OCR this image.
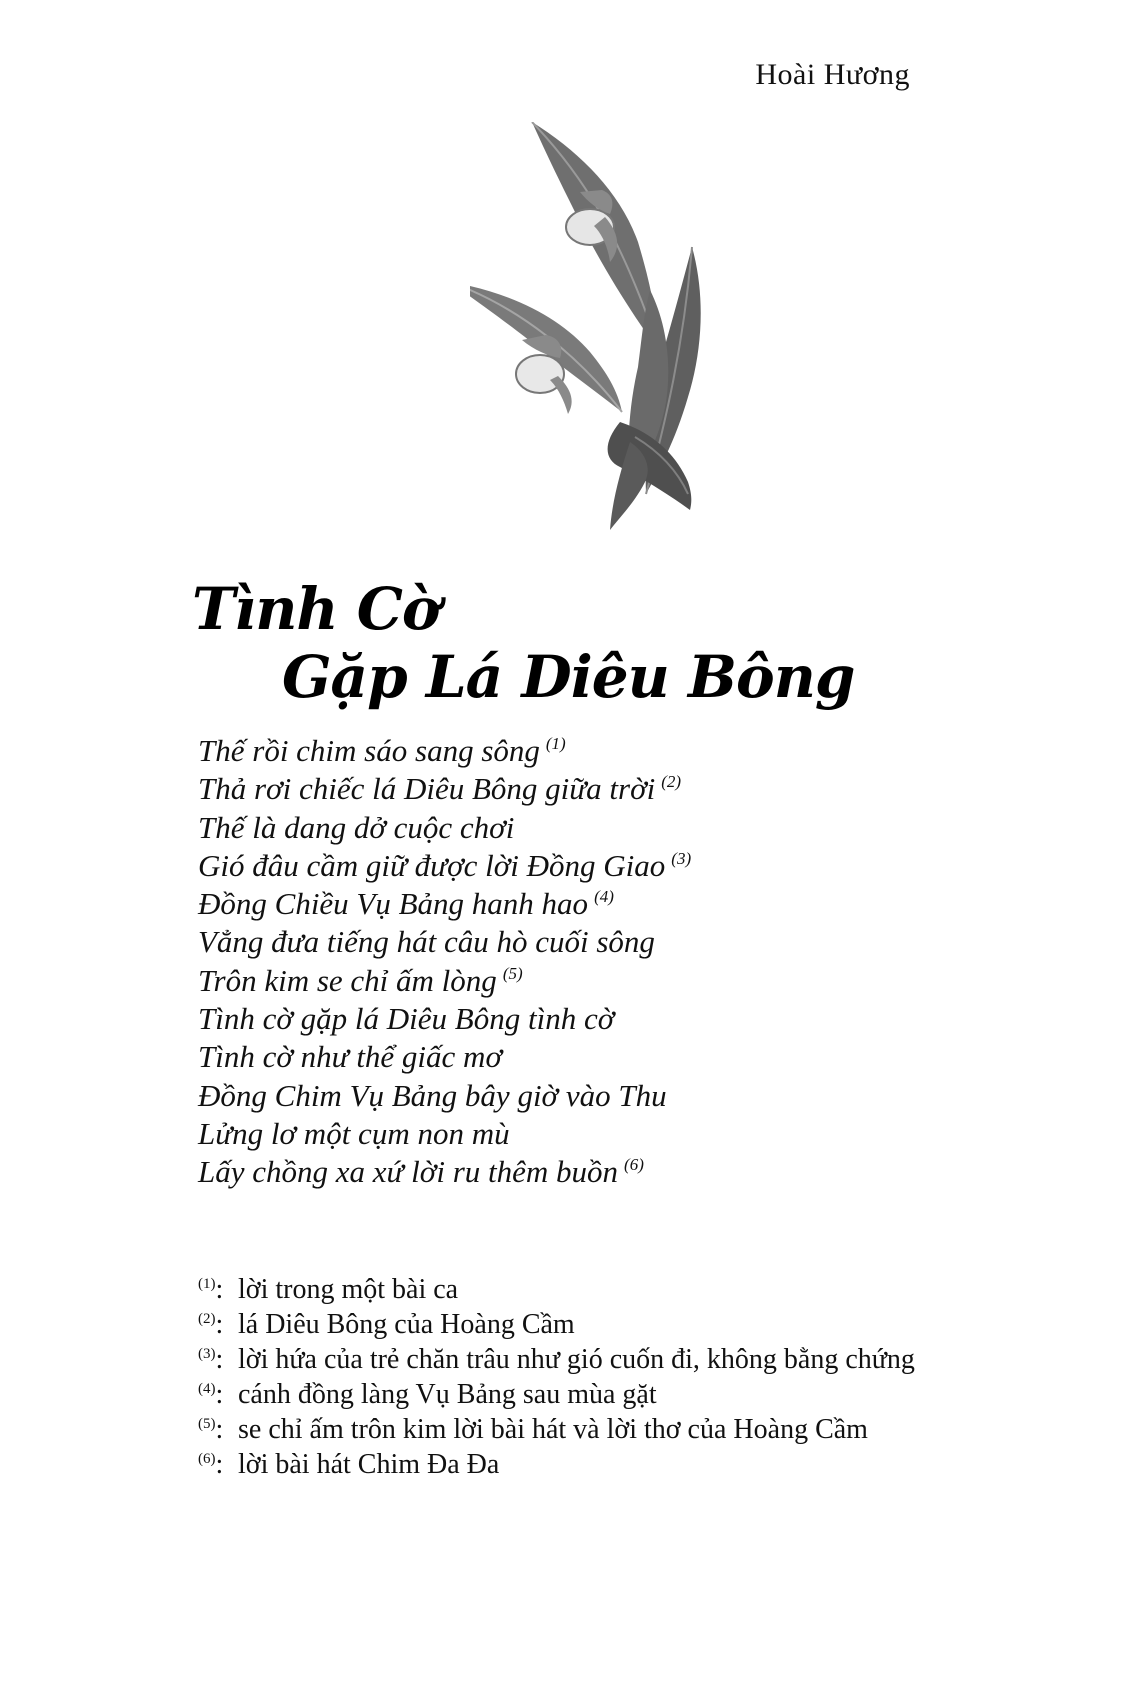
Hoài Hương
Tình Cờ
Gặp Lá Diêu Bông
Thế rồi chim sáo sang sông $^{(1)}$
Thả rơi chiếc lá Diêu Bông giữa trời $^{(2)}$
Thế là dang dở cuộc chơi
Gió đâu cầm giữ được lời Đồng Giao $^{(3)}$
Đồng Chiều Vụ Bảng hanh hao $^{(4)}$
Vẳng đưa tiếng hát câu hò cuối sông
Trôn kim se chỉ ấm lòng $^{(5)}$
Tình cờ gặp lá Diêu Bông tình cờ
Tình cờ như thể giấc mơ
Đồng Chim Vụ Bảng bây giờ vào Thu
Lửng lơ một cụm non mù
Lấy chồng xa xứ lời ru thêm buồn $^{(6)}$
$^{(1)}$: lời trong một bài ca
$^{(2)}$: lá Diêu Bông của Hoàng Cầm
$^{(3)}$: lời hứa của trẻ chăn trâu như gió cuốn đi, không bằng chứng
$^{(4)}$: cánh đồng làng Vụ Bảng sau mùa gặt
$^{(5)}$: se chỉ ấm trôn kim lời bài hát và lời thơ của Hoàng Cầm
$^{(6)}$: lời bài hát Chim Đa Đa
